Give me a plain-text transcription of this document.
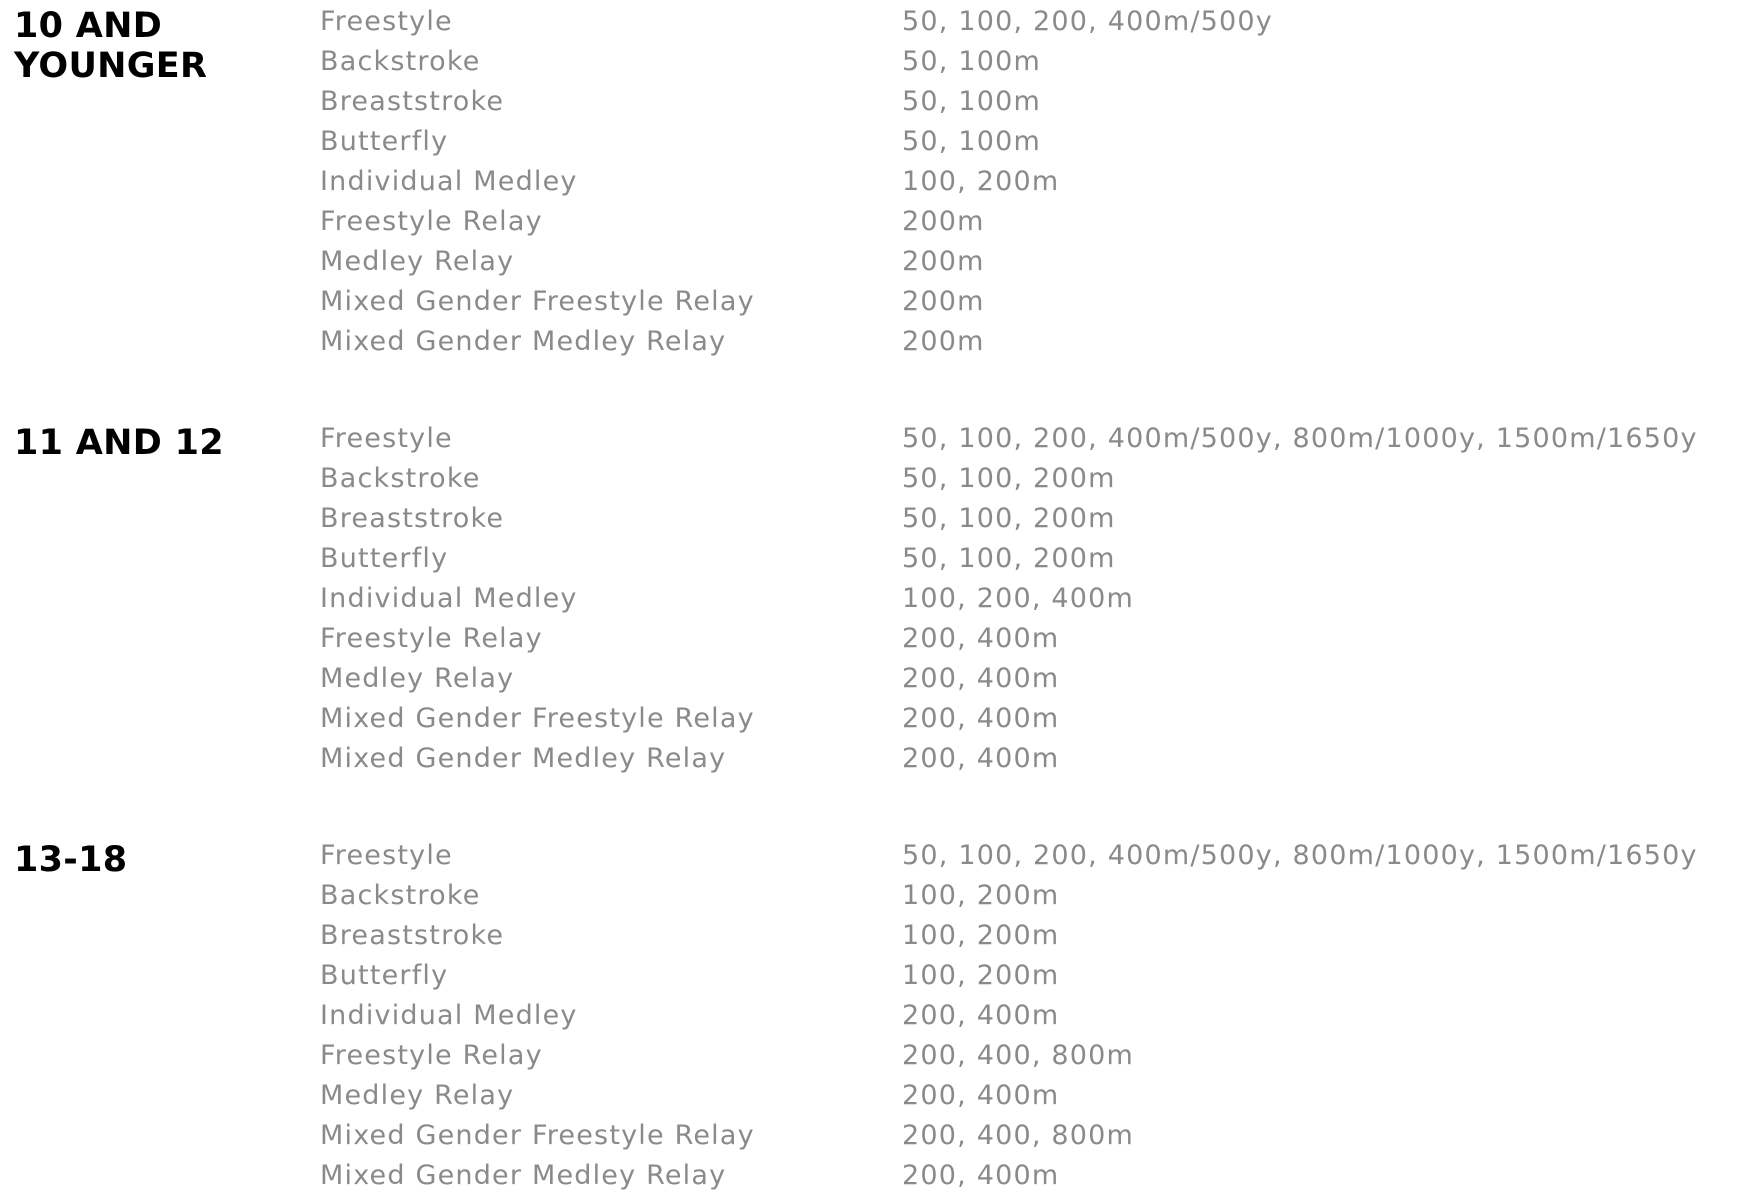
10 AND
YOUNGER
Freestyle	50, 100, 200, 400m/500y
Backstroke	50, 100m
Breaststroke	50, 100m
Butterfly	50, 100m
Individual Medley	100, 200m
Freestyle Relay	200m
Medley Relay	200m
Mixed Gender Freestyle Relay	200m
Mixed Gender Medley Relay	200m
11 AND 12	Freestyle	50, 100, 200, 400m/500y, 800m/1000y, 1500m/1650y
Backstroke	50, 100, 200m
Breaststroke	50, 100, 200m
Butterfly	50, 100, 200m
Individual Medley	100, 200, 400m
Freestyle Relay	200, 400m
Medley Relay	200, 400m
Mixed Gender Freestyle Relay	200, 400m
Mixed Gender Medley Relay	200, 400m
13-18	Freestyle	50, 100, 200, 400m/500y, 800m/1000y, 1500m/1650y
Backstroke	100, 200m
Breaststroke	100, 200m
Butterfly	100, 200m
Individual Medley	200, 400m
Freestyle Relay	200, 400, 800m
Medley Relay	200, 400m
Mixed Gender Freestyle Relay	200, 400, 800m
Mixed Gender Medley Relay	200, 400m
